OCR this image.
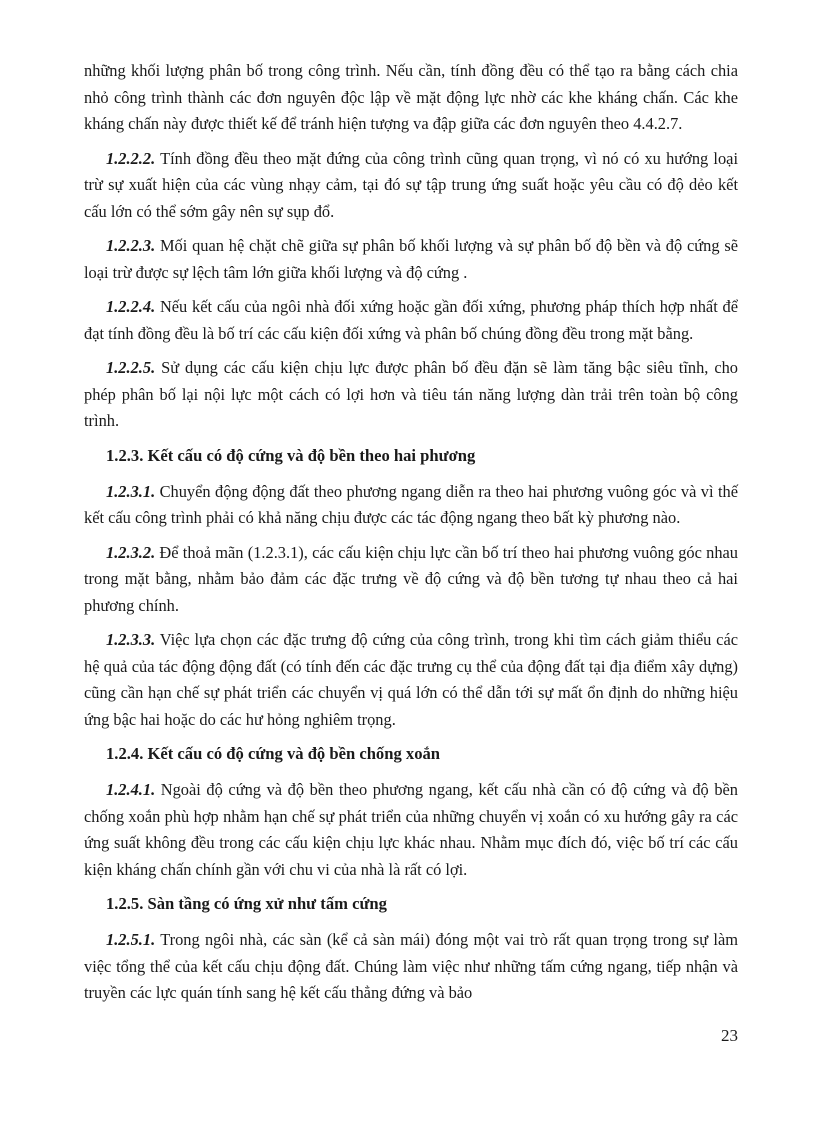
những khối lượng phân bố trong công trình. Nếu cần, tính đồng đều có thể tạo ra bằng cách chia nhỏ công trình thành các đơn nguyên độc lập về mặt động lực nhờ các khe kháng chấn. Các khe kháng chấn này được thiết kế để tránh hiện tượng va đập giữa các đơn nguyên theo 4.4.2.7.

1.2.2.2. Tính đồng đều theo mặt đứng của công trình cũng quan trọng, vì nó có xu hướng loại trừ sự xuất hiện của các vùng nhạy cảm, tại đó sự tập trung ứng suất hoặc yêu cầu có độ dẻo kết cấu lớn có thể sớm gây nên sự sụp đổ.

1.2.2.3. Mối quan hệ chặt chẽ giữa sự phân bố khối lượng và sự phân bố độ bền và độ cứng sẽ loại trừ được sự lệch tâm lớn giữa khối lượng và độ cứng .

1.2.2.4. Nếu kết cấu của ngôi nhà đối xứng hoặc gần đối xứng, phương pháp thích hợp nhất để đạt tính đồng đều là bố trí các cấu kiện đối xứng và phân bố chúng đồng đều trong mặt bằng.

1.2.2.5. Sử dụng các cấu kiện chịu lực được phân bố đều đặn sẽ làm tăng bậc siêu tĩnh, cho phép phân bố lại nội lực một cách có lợi hơn và tiêu tán năng lượng dàn trải trên toàn bộ công trình.

1.2.3. Kết cấu có độ cứng và độ bền theo hai phương

1.2.3.1. Chuyển động động đất theo phương ngang diễn ra theo hai phương vuông góc và vì thế kết cấu công trình phải có khả năng chịu được các tác động ngang theo bất kỳ phương nào.

1.2.3.2. Để thoả mãn (1.2.3.1), các cấu kiện chịu lực cần bố trí theo hai phương vuông góc nhau trong mặt bằng, nhằm bảo đảm các đặc trưng về độ cứng và độ bền tương tự nhau theo cả hai phương chính.

1.2.3.3. Việc lựa chọn các đặc trưng độ cứng của công trình, trong khi tìm cách giảm thiểu các hệ quả của tác động động đất (có tính đến các đặc trưng cụ thể của động đất tại địa điểm xây dựng) cũng cần hạn chế sự phát triển các chuyển vị quá lớn có thể dẫn tới sự mất ổn định do những hiệu ứng bậc hai hoặc do các hư hỏng nghiêm trọng.

1.2.4. Kết cấu có độ cứng và độ bền chống xoắn

1.2.4.1. Ngoài độ cứng và độ bền theo phương ngang, kết cấu nhà cần có độ cứng và độ bền chống xoắn phù hợp nhằm hạn chế sự phát triển của những chuyển vị xoắn có xu hướng gây ra các ứng suất không đều trong các cấu kiện chịu lực khác nhau. Nhằm mục đích đó, việc bố trí các cấu kiện kháng chấn chính gần với chu vi của nhà là rất có lợi.

1.2.5. Sàn tầng có ứng xử như tấm cứng

1.2.5.1. Trong ngôi nhà, các sàn (kể cả sàn mái) đóng một vai trò rất quan trọng trong sự làm việc tổng thể của kết cấu chịu động đất. Chúng làm việc như những tấm cứng ngang, tiếp nhận và truyền các lực quán tính sang hệ kết cấu thẳng đứng và bảo

23
